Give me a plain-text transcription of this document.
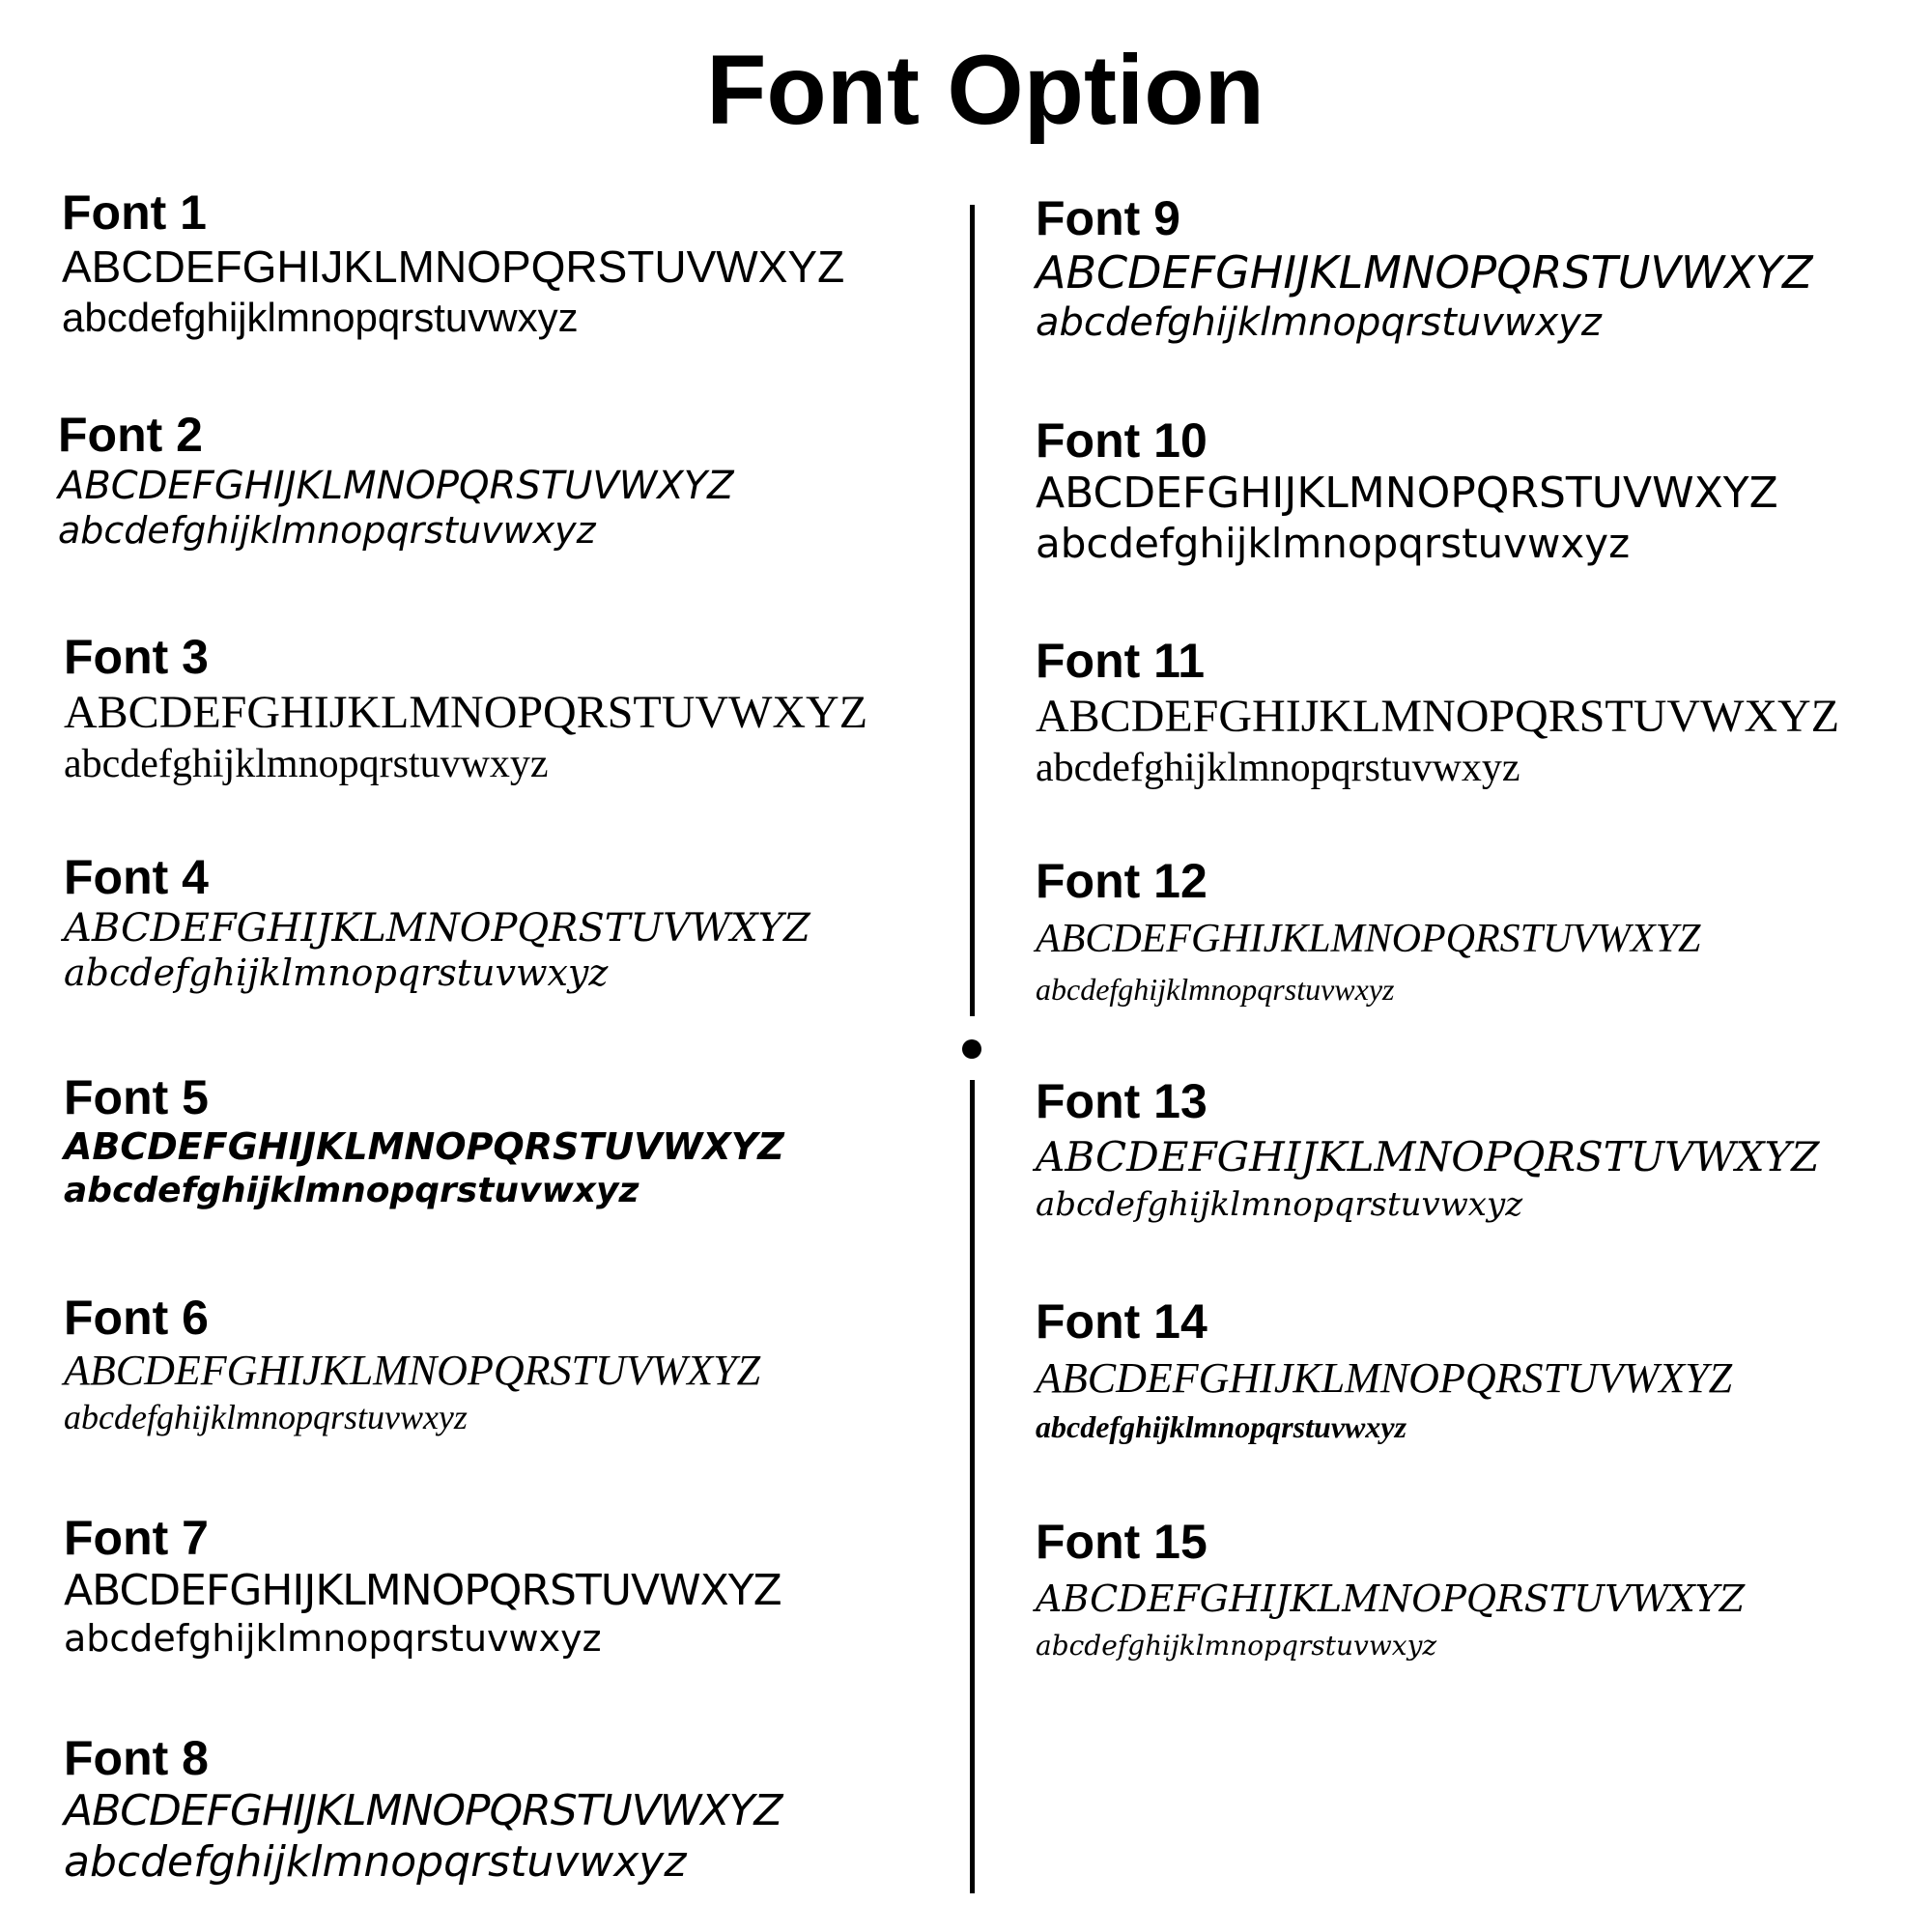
Font Option
Font 1
ABCDEFGHIJKLMNOPQRSTUVWXYZ
abcdefghijklmnopqrstuvwxyz
Font 2
ABCDEFGHIJKLMNOPQRSTUVWXYZ
abcdefghijklmnopqrstuvwxyz
Font 3
ABCDEFGHIJKLMNOPQRSTUVWXYZ
abcdefghijklmnopqrstuvwxyz
Font 4
ABCDEFGHIJKLMNOPQRSTUVWXYZ
abcdefghijklmnopqrstuvwxyz
Font 5
ABCDEFGHIJKLMNOPQRSTUVWXYZ
abcdefghijklmnopqrstuvwxyz
Font 6
ABCDEFGHIJKLMNOPQRSTUVWXYZ
abcdefghijklmnopqrstuvwxyz
Font 7
ABCDEFGHIJKLMNOPQRSTUVWXYZ
abcdefghijklmnopqrstuvwxyz
Font 8
ABCDEFGHIJKLMNOPQRSTUVWXYZ
abcdefghijklmnopqrstuvwxyz
Font 9
ABCDEFGHIJKLMNOPQRSTUVWXYZ
abcdefghijklmnopqrstuvwxyz
Font 10
ABCDEFGHIJKLMNOPQRSTUVWXYZ
abcdefghijklmnopqrstuvwxyz
Font 11
ABCDEFGHIJKLMNOPQRSTUVWXYZ
abcdefghijklmnopqrstuvwxyz
Font 12
ABCDEFGHIJKLMNOPQRSTUVWXYZ
abcdefghijklmnopqrstuvwxyz
Font 13
ABCDEFGHIJKLMNOPQRSTUVWXYZ
abcdefghijklmnopqrstuvwxyz
Font 14
ABCDEFGHIJKLMNOPQRSTUVWXYZ
abcdefghijklmnopqrstuvwxyz
Font 15
ABCDEFGHIJKLMNOPQRSTUVWXYZ
abcdefghijklmnopqrstuvwxyz
